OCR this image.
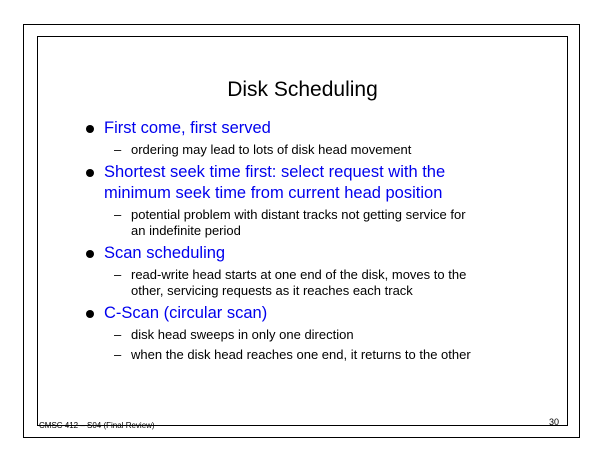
Disk Scheduling
First come, first served
– ordering may lead to lots of disk head movement
Shortest seek time first: select request with the
minimum seek time from current head position
– potential problem with distant tracks not getting service for
an indefinite period
Scan scheduling
– read-write head starts at one end of the disk, moves to the
other, servicing requests as it reaches each track
C-Scan (circular scan)
– disk head sweeps in only one direction
– when the disk head reaches one end, it returns to the other
CMSC 412 – S04 (Final Review)	30
